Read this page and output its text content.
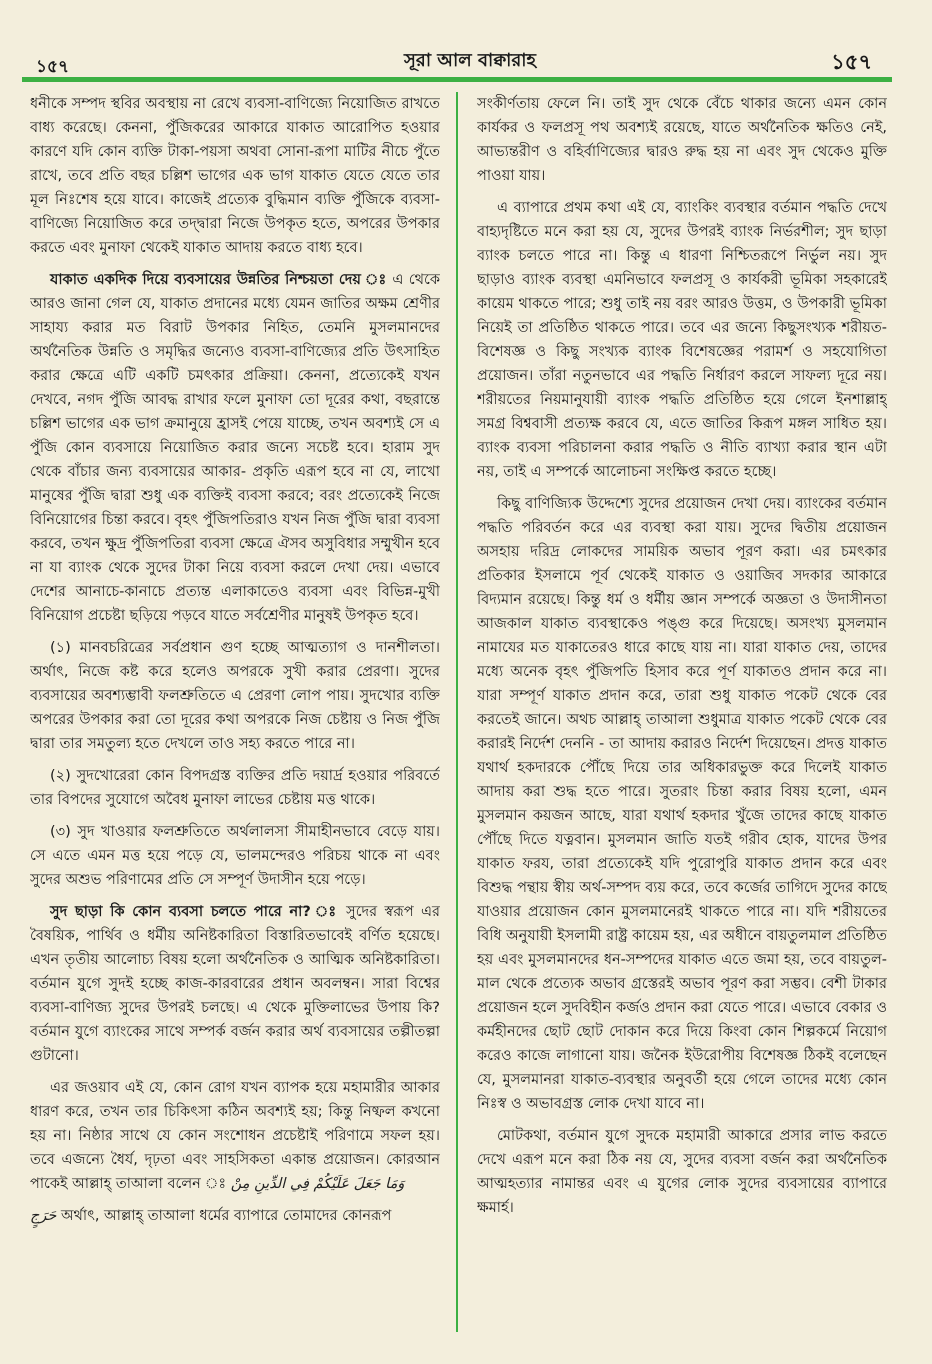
১৫৭	সূরা আল বাক্বারাহ	১৫৭

ধনীকে সম্পদ স্থবির অবস্থায় না রেখে ব্যবসা-বাণিজ্যে নিয়োজিত রাখতে বাধ্য করেছে। কেননা, পুঁজিকরের আকারে যাকাত আরোপিত হওয়ার কারণে যদি কোন ব্যক্তি টাকা-পয়সা অথবা সোনা-রূপা মাটির নীচে পুঁতে রাখে, তবে প্রতি বছর চল্লিশ ভাগের এক ভাগ যাকাত যেতে যেতে তার মূল নিঃশেষ হয়ে যাবে। কাজেই প্রত্যেক বুদ্ধিমান ব্যক্তি পুঁজিকে ব্যবসা-বাণিজ্যে নিয়োজিত করে তদ্দ্বারা নিজে উপকৃত হতে, অপরের উপকার করতে এবং মুনাফা থেকেই যাকাত আদায় করতে বাধ্য হবে।

যাকাত একদিক দিয়ে ব্যবসায়ের উন্নতির নিশ্চয়তা দেয় ঃ এ থেকে আরও জানা গেল যে, যাকাত প্রদানের মধ্যে যেমন জাতির অক্ষম শ্রেণীর সাহায্য করার মত বিরাট উপকার নিহিত, তেমনি মুসলমানদের অর্থনৈতিক উন্নতি ও সমৃদ্ধির জন্যেও ব্যবসা-বাণিজ্যের প্রতি উৎসাহিত করার ক্ষেত্রে এটি একটি চমৎকার প্রক্রিয়া। কেননা, প্রত্যেকেই যখন দেখবে, নগদ পুঁজি আবদ্ধ রাখার ফলে মুনাফা তো দূরের কথা, বছরান্তে চল্লিশ ভাগের এক ভাগ ক্রমানুয়ে হ্রাসই পেয়ে যাচ্ছে, তখন অবশ্যই সে এ পুঁজি কোন ব্যবসায়ে নিয়োজিত করার জন্যে সচেষ্ট হবে। হারাম সুদ থেকে বাঁচার জন্য ব্যবসায়ের আকার- প্রকৃতি এরূপ হবে না যে, লাখো মানুষের পুঁজি দ্বারা শুধু এক ব্যক্তিই ব্যবসা করবে; বরং প্রত্যেকেই নিজে বিনিয়োগের চিন্তা করবে। বৃহৎ পুঁজিপতিরাও যখন নিজ পুঁজি দ্বারা ব্যবসা করবে, তখন ক্ষুদ্র পুঁজিপতিরা ব্যবসা ক্ষেত্রে ঐসব অসুবিধার সম্মুখীন হবে না যা ব্যাংক থেকে সুদের টাকা নিয়ে ব্যবসা করলে দেখা দেয়। এভাবে দেশের আনাচে-কানাচে প্রত্যন্ত এলাকাতেও ব্যবসা এবং বিভিন্ন-মুখী বিনিয়োগ প্রচেষ্টা ছড়িয়ে পড়বে যাতে সর্বশ্রেণীর মানুষই উপকৃত হবে।

(১) মানবচরিত্রের সর্বপ্রধান গুণ হচ্ছে আত্মত্যাগ ও দানশীলতা। অর্থাৎ, নিজে কষ্ট করে হলেও অপরকে সুখী করার প্রেরণা। সুদের ব্যবসায়ের অবশ্যম্ভাবী ফলশ্রুতিতে এ প্রেরণা লোপ পায়। সুদখোর ব্যক্তি অপরের উপকার করা তো দূরের কথা অপরকে নিজ চেষ্টায় ও নিজ পুঁজি দ্বারা তার সমতুল্য হতে দেখলে তাও সহ্য করতে পারে না।

(২) সুদখোরেরা কোন বিপদগ্রস্ত ব্যক্তির প্রতি দয়ার্দ্র হওয়ার পরিবর্তে তার বিপদের সুযোগে অবৈধ মুনাফা লাভের চেষ্টায় মত্ত থাকে।

(৩) সুদ খাওয়ার ফলশ্রুতিতে অর্থলালসা সীমাহীনভাবে বেড়ে যায়। সে এতে এমন মত্ত হয়ে পড়ে যে, ভালমন্দেরও পরিচয় থাকে না এবং সুদের অশুভ পরিণামের প্রতি সে সম্পূর্ণ উদাসীন হয়ে পড়ে।

সুদ ছাড়া কি কোন ব্যবসা চলতে পারে না? ঃ সুদের স্বরূপ এর বৈষয়িক, পার্থিব ও ধর্মীয় অনিষ্টকারিতা বিস্তারিতভাবেই বর্ণিত হয়েছে। এখন তৃতীয় আলোচ্য বিষয় হলো অর্থনৈতিক ও আত্মিক অনিষ্টকারিতা। বর্তমান যুগে সুদই হচ্ছে কাজ-কারবারের প্রধান অবলম্বন। সারা বিশ্বের ব্যবসা-বাণিজ্য সুদের উপরই চলছে। এ থেকে মুক্তিলাভের উপায় কি? বর্তমান যুগে ব্যাংকের সাথে সম্পর্ক বর্জন করার অর্থ ব্যবসায়ের তল্পীতল্পা গুটানো।

এর জওয়াব এই যে, কোন রোগ যখন ব্যাপক হয়ে মহামারীর আকার ধারণ করে, তখন তার চিকিৎসা কঠিন অবশ্যই হয়; কিন্তু নিষ্ফল কখনো হয় না। নিষ্ঠার সাথে যে কোন সংশোধন প্রচেষ্টাই পরিণামে সফল হয়। তবে এজন্যে ধৈর্য, দৃঢ়তা এবং সাহসিকতা একান্ত প্রয়োজন। কোরআন পাকেই আল্লাহ্ তাআলা বলেন ঃ وَمَا جَعَلَ عَلَيْكُمْ فِي الدِّينِ مِنْ

حَرَجٍ অর্থাৎ, আল্লাহ্ তাআলা ধর্মের ব্যাপারে তোমাদের কোনরূপ

সংকীর্ণতায় ফেলে নি। তাই সুদ থেকে বেঁচে থাকার জন্যে এমন কোন কার্যকর ও ফলপ্রসূ পথ অবশ্যই রয়েছে, যাতে অর্থনৈতিক ক্ষতিও নেই, আভ্যন্তরীণ ও বহির্বাণিজ্যের দ্বারও রুদ্ধ হয় না এবং সুদ থেকেও মুক্তি পাওয়া যায়।

এ ব্যাপারে প্রথম কথা এই যে, ব্যাংকিং ব্যবস্থার বর্তমান পদ্ধতি দেখে বাহ্যদৃষ্টিতে মনে করা হয় যে, সুদের উপরই ব্যাংক নির্ভরশীল; সুদ ছাড়া ব্যাংক চলতে পারে না। কিন্তু এ ধারণা নিশ্চিতরূপে নির্ভুল নয়। সুদ ছাড়াও ব্যাংক ব্যবস্থা এমনিভাবে ফলপ্রসূ ও কার্যকরী ভূমিকা সহকারেই কায়েম থাকতে পারে; শুধু তাই নয় বরং আরও উত্তম, ও উপকারী ভূমিকা নিয়েই তা প্রতিষ্ঠিত থাকতে পারে। তবে এর জন্যে কিছুসংখ্যক শরীয়ত-বিশেষজ্ঞ ও কিছু সংখ্যক ব্যাংক বিশেষজ্ঞের পরামর্শ ও সহযোগিতা প্রয়োজন। তাঁরা নতুনভাবে এর পদ্ধতি নির্ধারণ করলে সাফল্য দূরে নয়। শরীয়তের নিয়মানুযায়ী ব্যাংক পদ্ধতি প্রতিষ্ঠিত হয়ে গেলে ইনশাল্লাহ্ সমগ্র বিশ্ববাসী প্রত্যক্ষ করবে যে, এতে জাতির কিরূপ মঙ্গল সাধিত হয়। ব্যাংক ব্যবসা পরিচালনা করার পদ্ধতি ও নীতি ব্যাখ্যা করার স্থান এটা নয়, তাই এ সম্পর্কে আলোচনা সংক্ষিপ্ত করতে হচ্ছে।

কিছু বাণিজ্যিক উদ্দেশ্যে সুদের প্রয়োজন দেখা দেয়। ব্যাংকের বর্তমান পদ্ধতি পরিবর্তন করে এর ব্যবস্থা করা যায়। সুদের দ্বিতীয় প্রয়োজন অসহায় দরিদ্র লোকদের সাময়িক অভাব পূরণ করা। এর চমৎকার প্রতিকার ইসলামে পূর্ব থেকেই যাকাত ও ওয়াজিব সদকার আকারে বিদ্যমান রয়েছে। কিন্তু ধর্ম ও ধর্মীয় জ্ঞান সম্পর্কে অজ্ঞতা ও উদাসীনতা আজকাল যাকাত ব্যবস্থাকেও পঙ্গু করে দিয়েছে। অসংখ্য মুসলমান নামাযের মত যাকাতেরও ধারে কাছে যায় না। যারা যাকাত দেয়, তাদের মধ্যে অনেক বৃহৎ পুঁজিপতি হিসাব করে পূর্ণ যাকাতও প্রদান করে না। যারা সম্পূর্ণ যাকাত প্রদান করে, তারা শুধু যাকাত পকেট থেকে বের করতেই জানে। অথচ আল্লাহ্ তাআলা শুধুমাত্র যাকাত পকেট থেকে বের করারই নির্দেশ দেননি - তা আদায় করারও নির্দেশ দিয়েছেন। প্রদত্ত যাকাত যথার্থ হকদারকে পৌঁছে দিয়ে তার অধিকারভুক্ত করে দিলেই যাকাত আদায় করা শুদ্ধ হতে পারে। সুতরাং চিন্তা করার বিষয় হলো, এমন মুসলমান কয়জন আছে, যারা যথার্থ হকদার খুঁজে তাদের কাছে যাকাত পৌঁছে দিতে যত্নবান। মুসলমান জাতি যতই গরীব হোক, যাদের উপর যাকাত ফরয, তারা প্রত্যেকেই যদি পুরোপুরি যাকাত প্রদান করে এবং বিশুদ্ধ পন্থায় স্বীয় অর্থ-সম্পদ ব্যয় করে, তবে কর্জের তাগিদে সুদের কাছে যাওয়ার প্রয়োজন কোন মুসলমানেরই থাকতে পারে না। যদি শরীয়তের বিধি অনুযায়ী ইসলামী রাষ্ট্র কায়েম হয়, এর অধীনে বায়তুলমাল প্রতিষ্ঠিত হয় এবং মুসলমানদের ধন-সম্পদের যাকাত এতে জমা হয়, তবে বায়তুল-মাল থেকে প্রত্যেক অভাব গ্রস্তেরই অভাব পূরণ করা সম্ভব। বেশী টাকার প্রয়োজন হলে সুদবিহীন কর্জও প্রদান করা যেতে পারে। এভাবে বেকার ও কর্মহীনদের ছোট ছোট দোকান করে দিয়ে কিংবা কোন শিল্পকর্মে নিয়োগ করেও কাজে লাগানো যায়। জনৈক ইউরোপীয় বিশেষজ্ঞ ঠিকই বলেছেন যে, মুসলমানরা যাকাত-ব্যবস্থার অনুবর্তী হয়ে গেলে তাদের মধ্যে কোন নিঃস্ব ও অভাবগ্রস্ত লোক দেখা যাবে না।

মোটকথা, বর্তমান যুগে সুদকে মহামারী আকারে প্রসার লাভ করতে দেখে এরূপ মনে করা ঠিক নয় যে, সুদের ব্যবসা বর্জন করা অর্থনৈতিক আত্মহত্যার নামান্তর এবং এ যুগের লোক সুদের ব্যবসায়ের ব্যাপারে ক্ষমার্হ।
